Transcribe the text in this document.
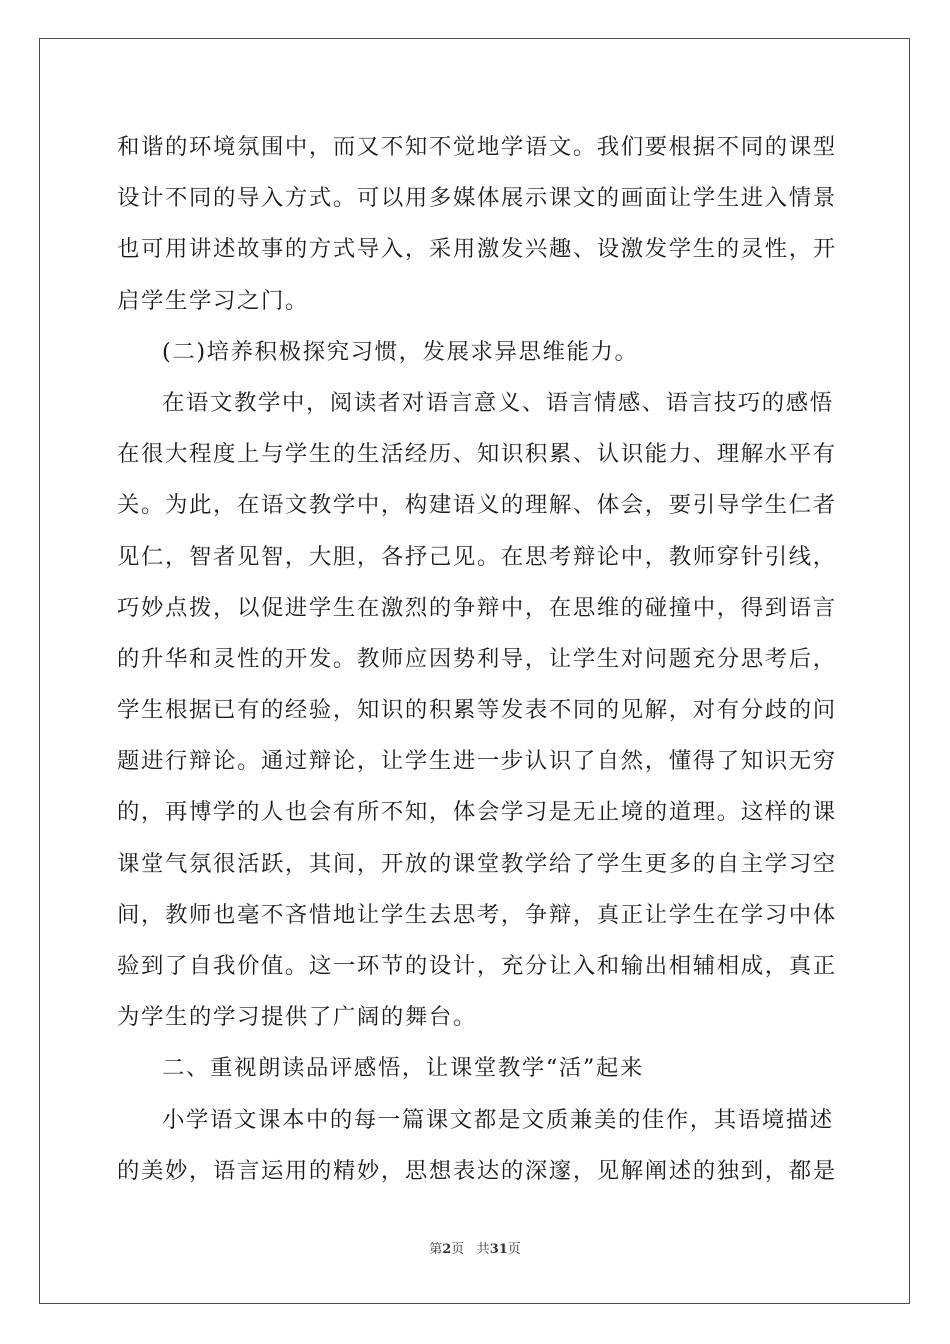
和谐的环境氛围中，而又不知不觉地学语文。我们要根据不同的课型
设计不同的导入方式。可以用多媒体展示课文的画面让学生进入情景
也可用讲述故事的方式导入，采用激发兴趣、设激发学生的灵性，开
启学生学习之门。
(二)培养积极探究习惯，发展求异思维能力。
在语文教学中，阅读者对语言意义、语言情感、语言技巧的感悟
在很大程度上与学生的生活经历、知识积累、认识能力、理解水平有
关。为此，在语文教学中，构建语义的理解、体会，要引导学生仁者
见仁，智者见智，大胆，各抒己见。在思考辩论中，教师穿针引线，
巧妙点拨，以促进学生在激烈的争辩中，在思维的碰撞中，得到语言
的升华和灵性的开发。教师应因势利导，让学生对问题充分思考后，
学生根据已有的经验，知识的积累等发表不同的见解，对有分歧的问
题进行辩论。通过辩论，让学生进一步认识了自然，懂得了知识无穷
的，再博学的人也会有所不知，体会学习是无止境的道理。这样的课
课堂气氛很活跃，其间，开放的课堂教学给了学生更多的自主学习空
间，教师也毫不吝惜地让学生去思考，争辩，真正让学生在学习中体
验到了自我价值。这一环节的设计，充分让入和输出相辅相成，真正
为学生的学习提供了广阔的舞台。
二、重视朗读品评感悟，让课堂教学“活”起来
小学语文课本中的每一篇课文都是文质兼美的佳作，其语境描述
的美妙，语言运用的精妙，思想表达的深邃，见解阐述的独到，都是
第2页 共31页
